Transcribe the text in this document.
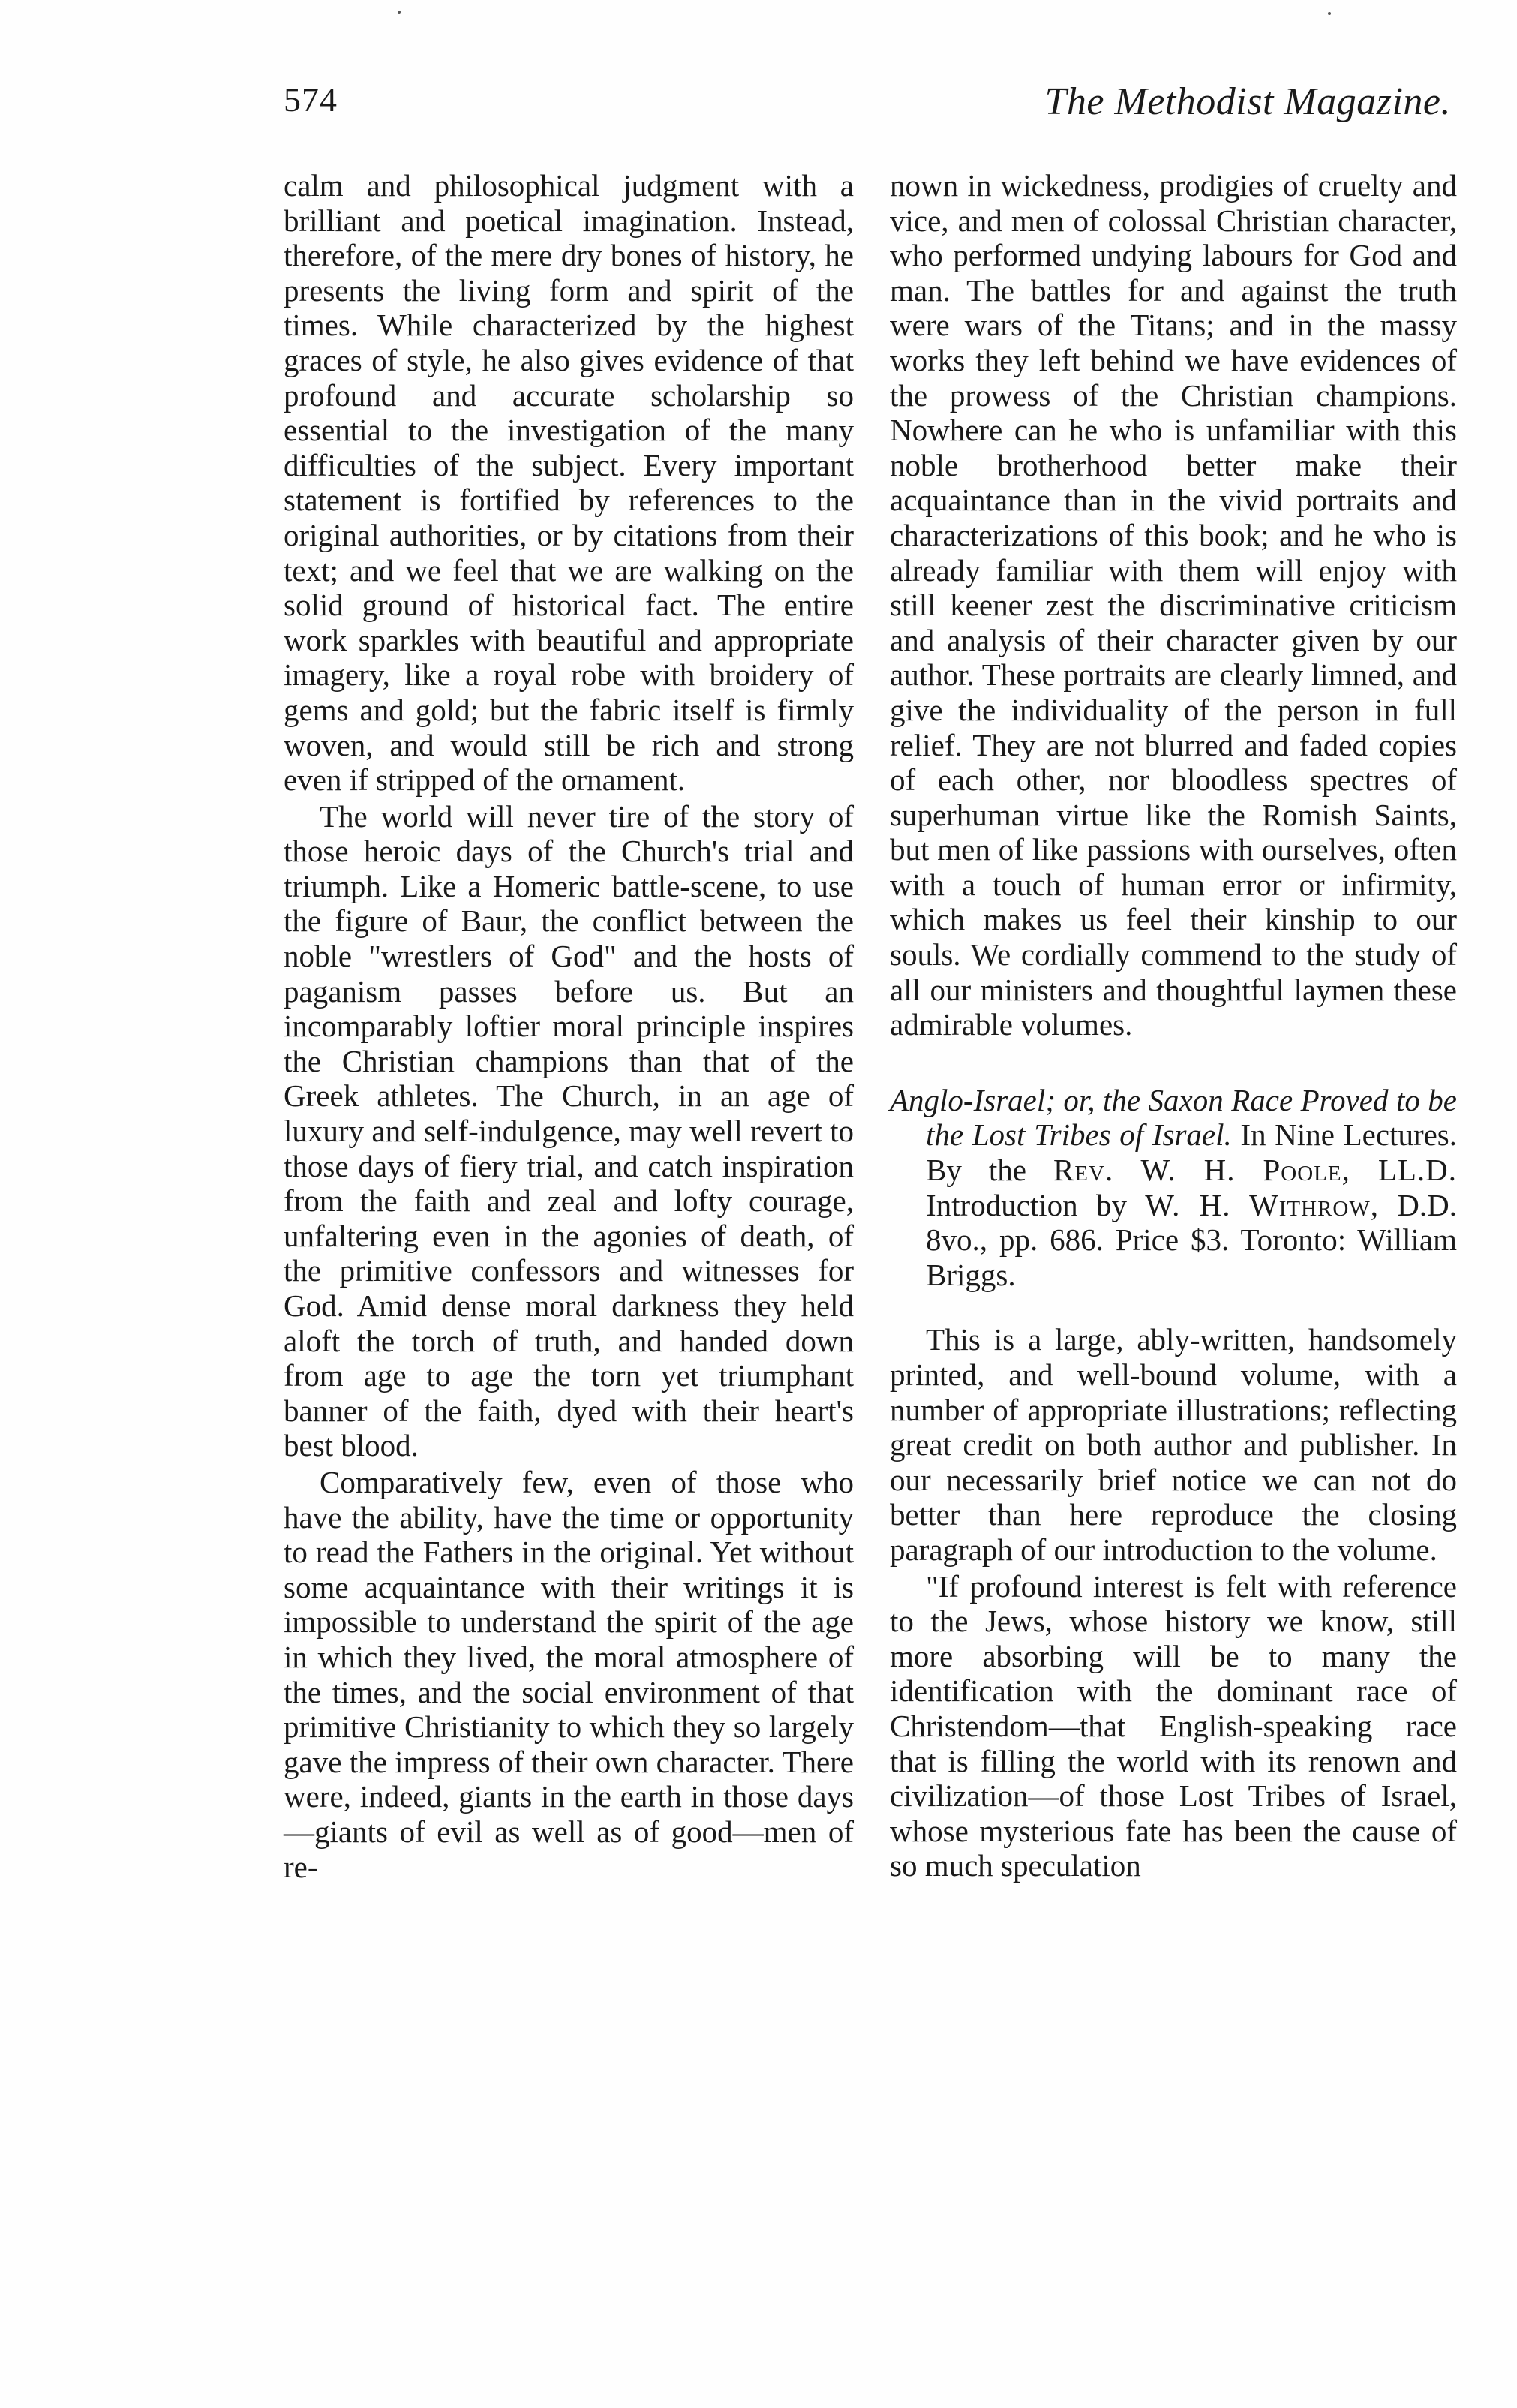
574	The Methodist Magazine.

calm and philosophical judgment with a brilliant and poetical imagination. Instead, therefore, of the mere dry bones of history, he presents the living form and spirit of the times. While characterized by the highest graces of style, he also gives evidence of that profound and accurate scholarship so essential to the investigation of the many difficulties of the subject. Every important statement is fortified by references to the original authorities, or by citations from their text; and we feel that we are walking on the solid ground of historical fact. The entire work sparkles with beautiful and appropriate imagery, like a royal robe with broidery of gems and gold; but the fabric itself is firmly woven, and would still be rich and strong even if stripped of the ornament.

The world will never tire of the story of those heroic days of the Church's trial and triumph. Like a Homeric battle-scene, to use the figure of Baur, the conflict between the noble "wrestlers of God" and the hosts of paganism passes before us. But an incomparably loftier moral principle inspires the Christian champions than that of the Greek athletes. The Church, in an age of luxury and self-indulgence, may well revert to those days of fiery trial, and catch inspiration from the faith and zeal and lofty courage, unfaltering even in the agonies of death, of the primitive confessors and witnesses for God. Amid dense moral darkness they held aloft the torch of truth, and handed down from age to age the torn yet triumphant banner of the faith, dyed with their heart's best blood.

Comparatively few, even of those who have the ability, have the time or opportunity to read the Fathers in the original. Yet without some acquaintance with their writings it is impossible to understand the spirit of the age in which they lived, the moral atmosphere of the times, and the social environment of that primitive Christianity to which they so largely gave the impress of their own character. There were, indeed, giants in the earth in those days—giants of evil as well as of good—men of re-

nown in wickedness, prodigies of cruelty and vice, and men of colossal Christian character, who performed undying labours for God and man. The battles for and against the truth were wars of the Titans; and in the massy works they left behind we have evidences of the prowess of the Christian champions. Nowhere can he who is unfamiliar with this noble brotherhood better make their acquaintance than in the vivid portraits and characterizations of this book; and he who is already familiar with them will enjoy with still keener zest the discriminative criticism and analysis of their character given by our author. These portraits are clearly limned, and give the individuality of the person in full relief. They are not blurred and faded copies of each other, nor bloodless spectres of superhuman virtue like the Romish Saints, but men of like passions with ourselves, often with a touch of human error or infirmity, which makes us feel their kinship to our souls. We cordially commend to the study of all our ministers and thoughtful laymen these admirable volumes.

Anglo-Israel; or, the Saxon Race Proved to be the Lost Tribes of Israel. In Nine Lectures. By the Rev. W. H. Poole, LL.D. Introduction by W. H. Withrow, D.D. 8vo., pp. 686. Price $3. Toronto: William Briggs.

This is a large, ably-written, handsomely printed, and well-bound volume, with a number of appropriate illustrations; reflecting great credit on both author and publisher. In our necessarily brief notice we can not do better than here reproduce the closing paragraph of our introduction to the volume.

"If profound interest is felt with reference to the Jews, whose history we know, still more absorbing will be to many the identification with the dominant race of Christendom—that English-speaking race that is filling the world with its renown and civilization—of those Lost Tribes of Israel, whose mysterious fate has been the cause of so much speculation
